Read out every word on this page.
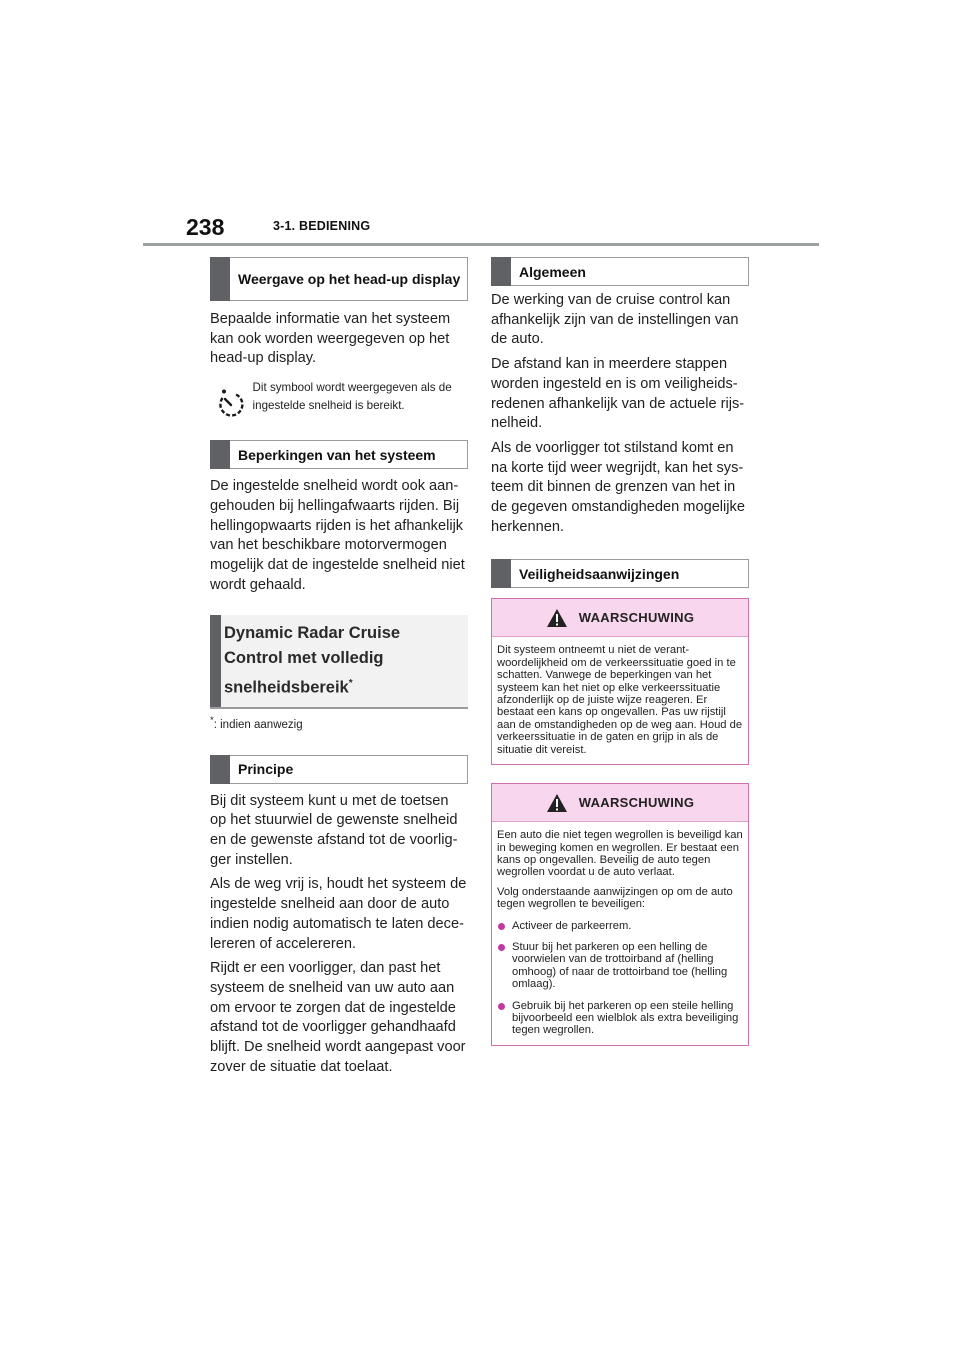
238	3-1. BEDIENING
Weergave op het head-up display

Bepaalde informatie van het systeem kan ook worden weergegeven op het head-up display.

Dit symbool wordt weergegeven als de ingestelde snelheid is bereikt.
Beperkingen van het systeem

De ingestelde snelheid wordt ook aangehouden bij hellingafwaarts rijden. Bij hellingopwaarts rijden is het afhankelijk van het beschikbare motorvermogen mogelijk dat de ingestelde snelheid niet wordt gehaald.

Dynamic Radar Cruise Control met volledig snelheidsbereik*

*: indien aanwezig

Principe

Bij dit systeem kunt u met de toetsen op het stuurwiel de gewenste snelheid en de gewenste afstand tot de voorligger instellen.

Als de weg vrij is, houdt het systeem de ingestelde snelheid aan door de auto indien nodig automatisch te laten decelereren of accelereren.

Rijdt er een voorligger, dan past het systeem de snelheid van uw auto aan om ervoor te zorgen dat de ingestelde afstand tot de voorligger gehandhaafd blijft. De snelheid wordt aangepast voor zover de situatie dat toelaat.

Algemeen

De werking van de cruise control kan afhankelijk zijn van de instellingen van de auto.

De afstand kan in meerdere stappen worden ingesteld en is om veiligheidsredenen afhankelijk van de actuele rijsnelheid.

Als de voorligger tot stilstand komt en na korte tijd weer wegrijdt, kan het systeem dit binnen de grenzen van het in de gegeven omstandigheden mogelijke herkennen.

Veiligheidsaanwijzingen
WAARSCHUWING

Dit systeem ontneemt u niet de verantwoordelijkheid om de verkeerssituatie goed in te schatten. Vanwege de beperkingen van het systeem kan het niet op elke verkeerssituatie afzonderlijk op de juiste wijze reageren. Er bestaat een kans op ongevallen. Pas uw rijstijl aan de omstandigheden op de weg aan. Houd de verkeerssituatie in de gaten en grijp in als de situatie dit vereist.

WAARSCHUWING

Een auto die niet tegen wegrollen is beveiligd kan in beweging komen en wegrollen. Er bestaat een kans op ongevallen. Beveilig de auto tegen wegrollen voordat u de auto verlaat.

Volg onderstaande aanwijzingen op om de auto tegen wegrollen te beveiligen:

Activeer de parkeerrem.
Stuur bij het parkeren op een helling de voorwielen van de trottoirband af (helling omhoog) of naar de trottoirband toe (helling omlaag).
Gebruik bij het parkeren op een steile helling bijvoorbeeld een wielblok als extra beveiliging tegen wegrollen.
